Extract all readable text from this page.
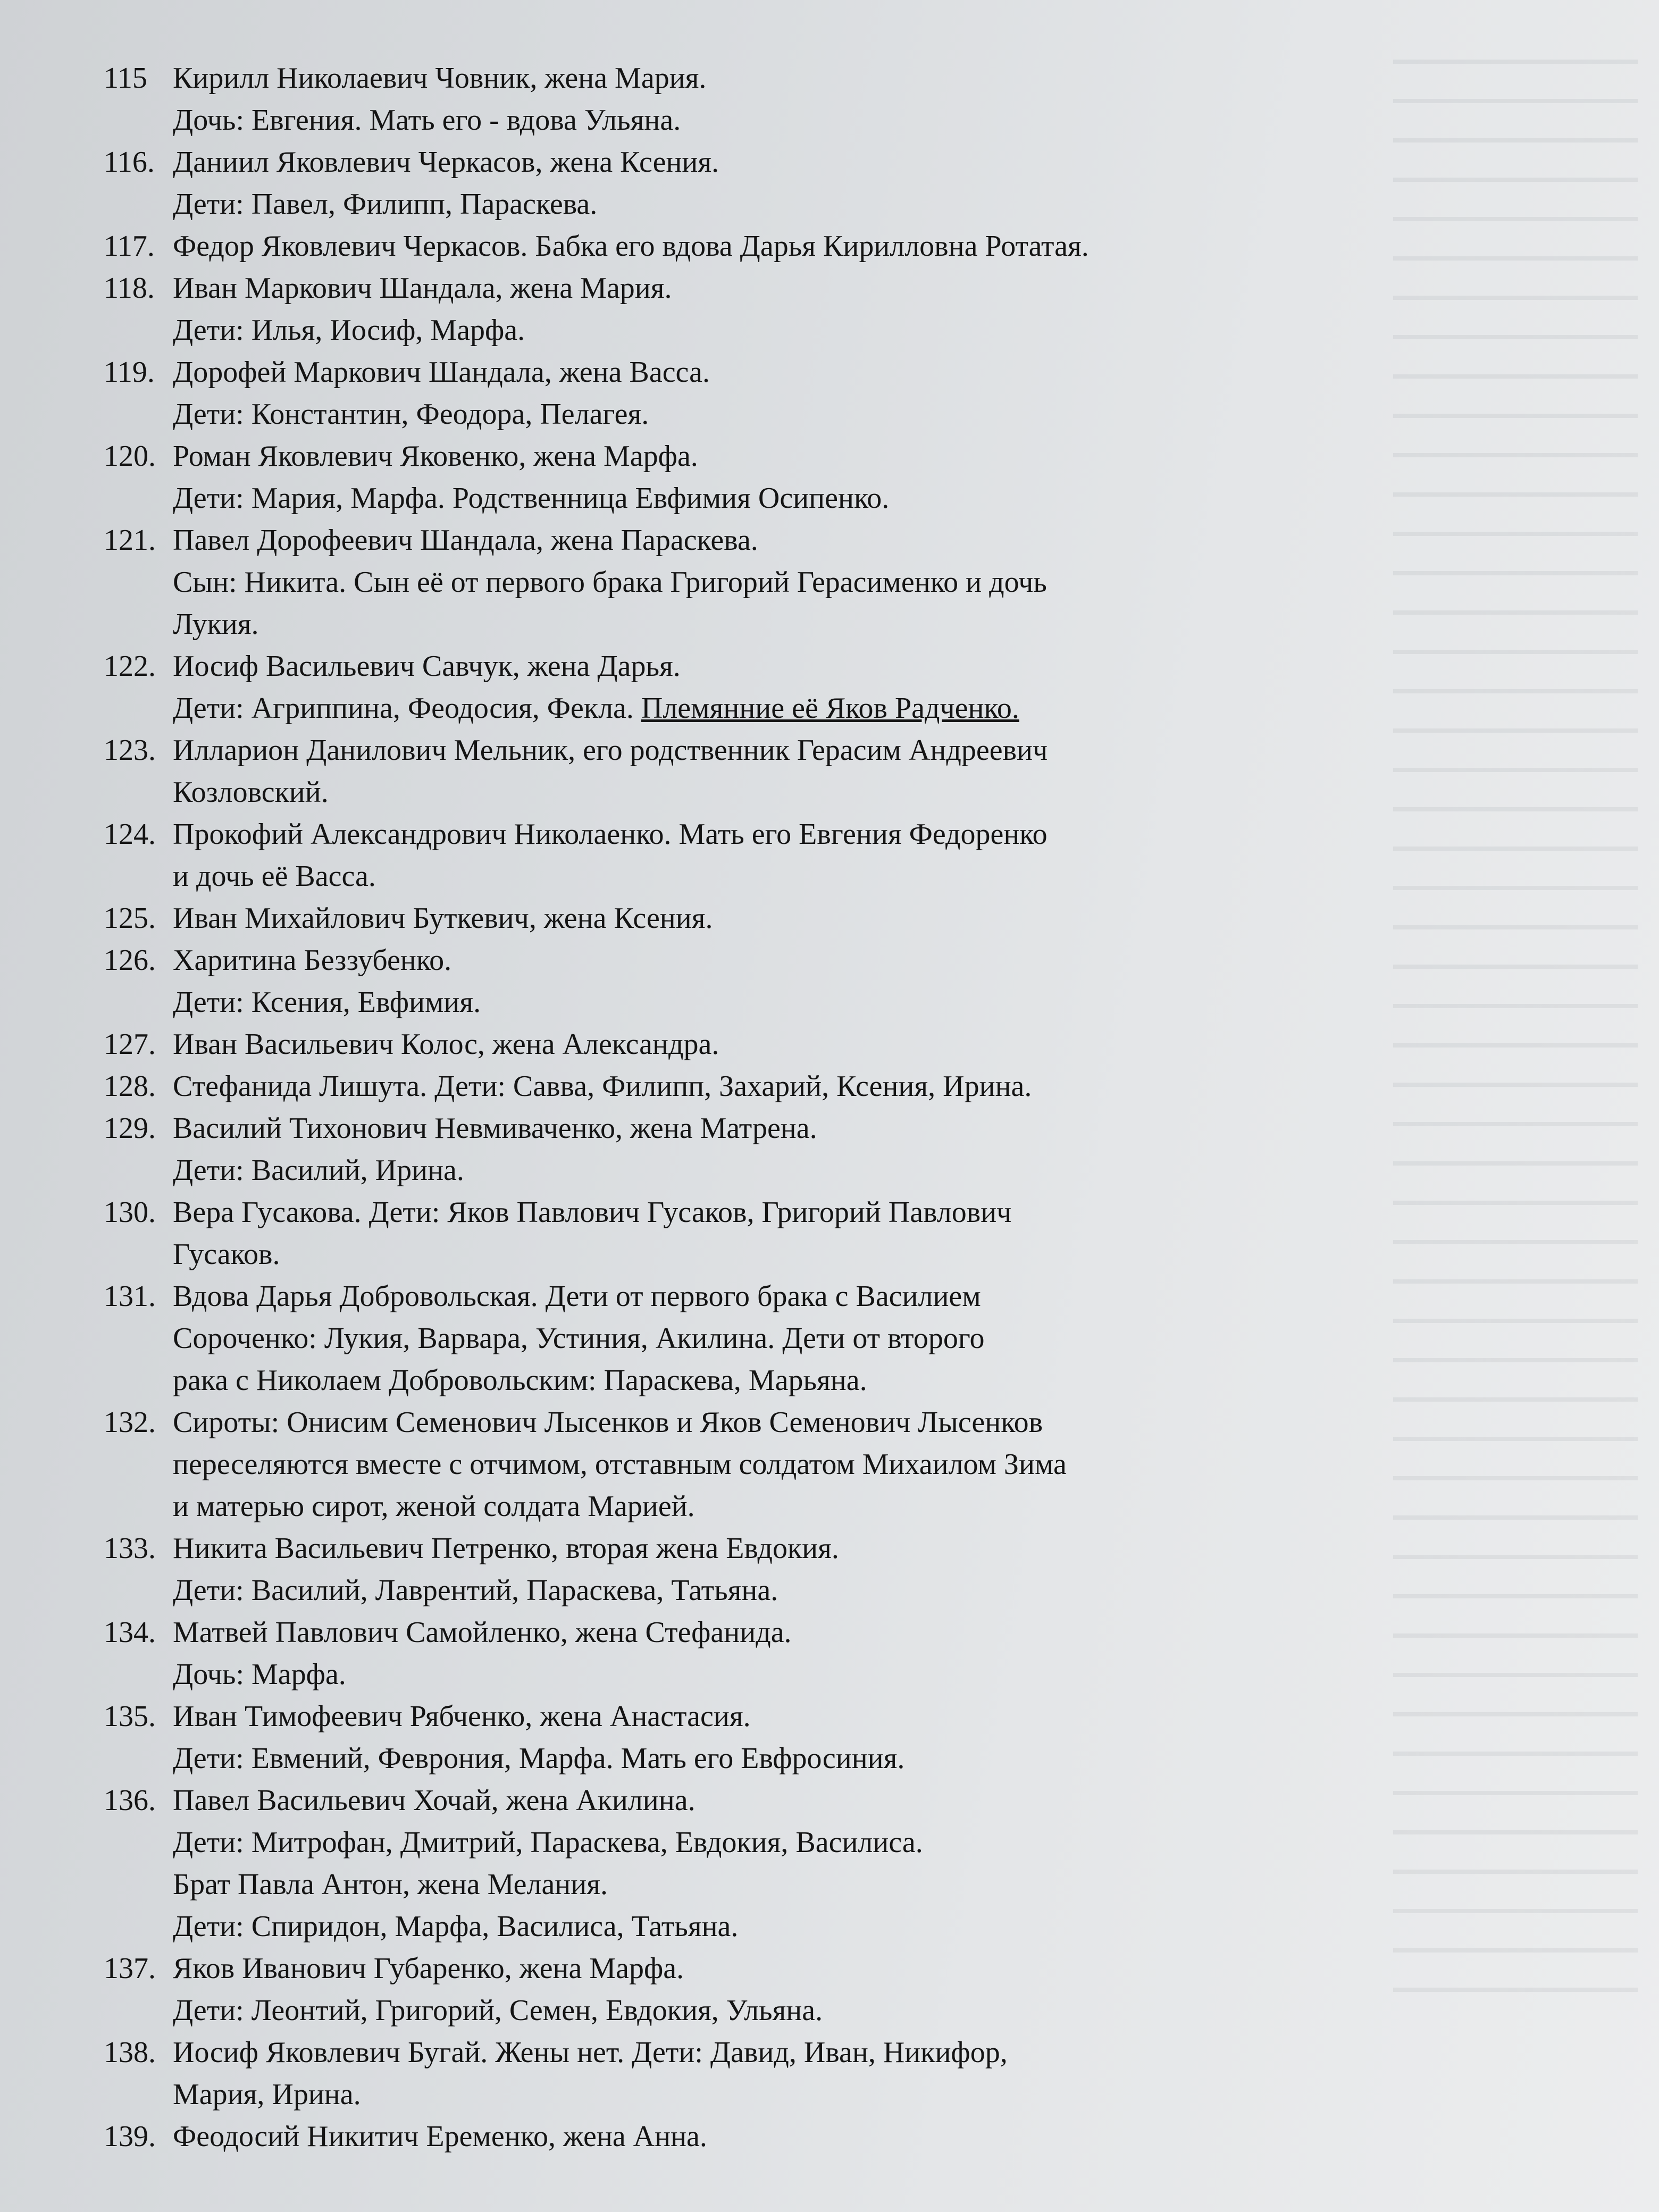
115 Кирилл Николаевич Човник, жена Мария.
Дочь: Евгения. Мать его - вдова Ульяна.
116. Даниил Яковлевич Черкасов, жена Ксения.
Дети: Павел, Филипп, Параскева.
117. Федор Яковлевич Черкасов. Бабка его вдова Дарья Кирилловна Ротатая.
118. Иван Маркович Шандала, жена Мария.
Дети: Илья, Иосиф, Марфа.
119. Дорофей Маркович Шандала, жена Васса.
Дети: Константин, Феодора, Пелагея.
120. Роман Яковлевич Яковенко, жена Марфа.
Дети: Мария, Марфа. Родственница Евфимия Осипенко.
121. Павел Дорофеевич Шандала, жена Параскева.
Сын: Никита. Сын её от первого брака Григорий Герасименко и дочь
Лукия.
122. Иосиф Васильевич Савчук, жена Дарья.
Дети: Агриппина, Феодосия, Фекла. Племянние её Яков Радченко.
123. Илларион Данилович Мельник, его родственник Герасим Андреевич
Козловский.
124. Прокофий Александрович Николаенко. Мать его Евгения Федоренко
и дочь её Васса.
125. Иван Михайлович Буткевич, жена Ксения.
126. Харитина Беззубенко.
Дети: Ксения, Евфимия.
127. Иван Васильевич Колос, жена Александра.
128. Стефанида Лишута. Дети: Савва, Филипп, Захарий, Ксения, Ирина.
129. Василий Тихонович Невмиваченко, жена Матрена.
Дети: Василий, Ирина.
130. Вера Гусакова. Дети: Яков Павлович Гусаков, Григорий Павлович
Гусаков.
131. Вдова Дарья Добровольская. Дети от первого брака с Василием
Сороченко: Лукия, Варвара, Устиния, Акилина. Дети от второго
рака с Николаем Добровольским: Параскева, Марьяна.
132. Сироты: Онисим Семенович Лысенков и Яков Семенович Лысенков
переселяются вместе с отчимом, отставным солдатом Михаилом Зима
и матерью сирот, женой солдата Марией.
133. Никита Васильевич Петренко, вторая жена Евдокия.
Дети: Василий, Лаврентий, Параскева, Татьяна.
134. Матвей Павлович Самойленко, жена Стефанида.
Дочь: Марфа.
135. Иван Тимофеевич Рябченко, жена Анастасия.
Дети: Евмений, Феврония, Марфа. Мать его Евфросиния.
136. Павел Васильевич Хочай, жена Акилина.
Дети: Митрофан, Дмитрий, Параскева, Евдокия, Василиса.
Брат Павла Антон, жена Мелания.
Дети: Спиридон, Марфа, Василиса, Татьяна.
137. Яков Иванович Губаренко, жена Марфа.
Дети: Леонтий, Григорий, Семен, Евдокия, Ульяна.
138. Иосиф Яковлевич Бугай. Жены нет. Дети: Давид, Иван, Никифор,
Мария, Ирина.
139. Феодосий Никитич Еременко, жена Анна.
